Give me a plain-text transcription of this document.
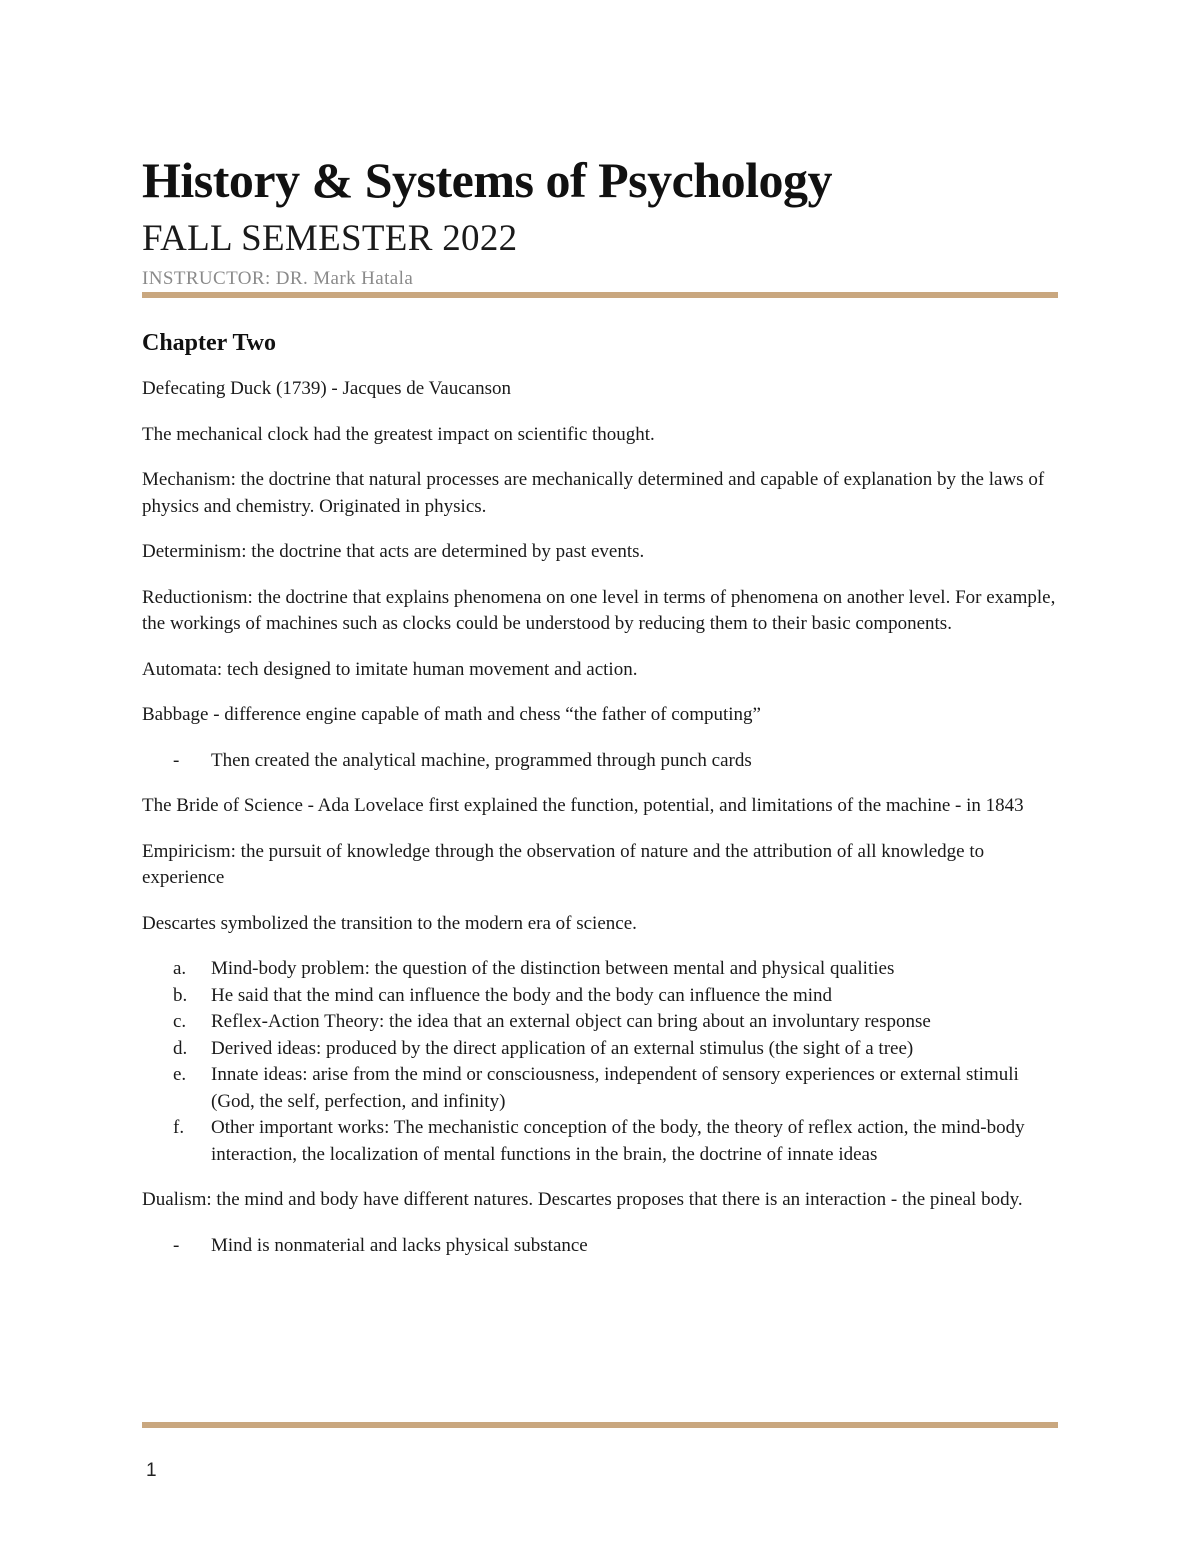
History & Systems of Psychology
FALL SEMESTER 2022
INSTRUCTOR: DR. Mark Hatala
Chapter Two

Defecating Duck (1739) - Jacques de Vaucanson

The mechanical clock had the greatest impact on scientific thought.

Mechanism: the doctrine that natural processes are mechanically determined and capable of explanation by the laws of physics and chemistry. Originated in physics.

Determinism: the doctrine that acts are determined by past events.

Reductionism: the doctrine that explains phenomena on one level in terms of phenomena on another level. For example, the workings of machines such as clocks could be understood by reducing them to their basic components.

Automata: tech designed to imitate human movement and action.

Babbage - difference engine capable of math and chess “the father of computing”

- Then created the analytical machine, programmed through punch cards

The Bride of Science - Ada Lovelace first explained the function, potential, and limitations of the machine - in 1843

Empiricism: the pursuit of knowledge through the observation of nature and the attribution of all knowledge to experience

Descartes symbolized the transition to the modern era of science.

a. Mind-body problem: the question of the distinction between mental and physical qualities
b. He said that the mind can influence the body and the body can influence the mind
c. Reflex-Action Theory: the idea that an external object can bring about an involuntary response
d. Derived ideas: produced by the direct application of an external stimulus (the sight of a tree)
e. Innate ideas: arise from the mind or consciousness, independent of sensory experiences or external stimuli (God, the self, perfection, and infinity)
f. Other important works: The mechanistic conception of the body, the theory of reflex action, the mind-body interaction, the localization of mental functions in the brain, the doctrine of innate ideas

Dualism: the mind and body have different natures. Descartes proposes that there is an interaction - the pineal body.

- Mind is nonmaterial and lacks physical substance
1
